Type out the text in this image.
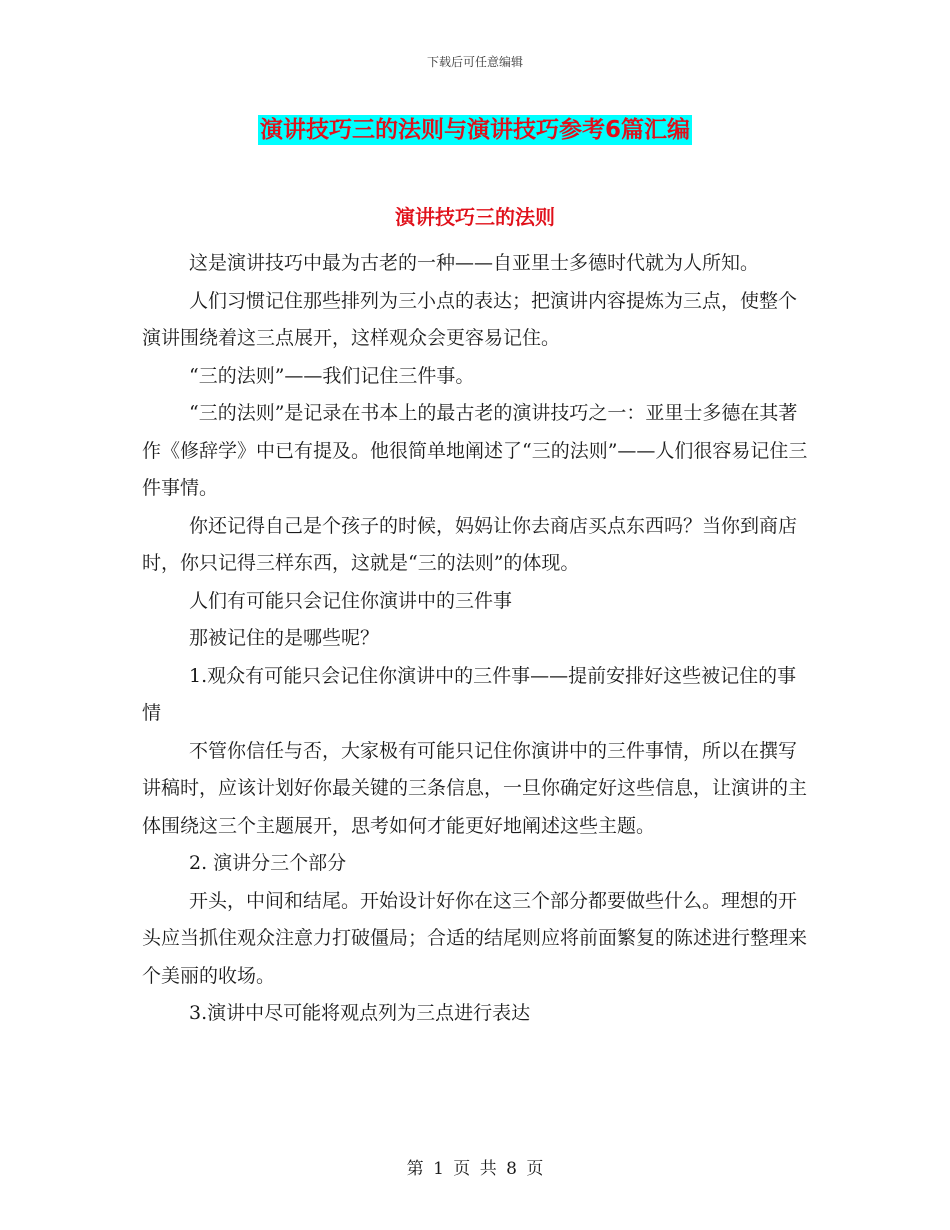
下载后可任意编辑
演讲技巧三的法则与演讲技巧参考6篇汇编
演讲技巧三的法则

这是演讲技巧中最为古老的一种——自亚里士多德时代就为人所知。

人们习惯记住那些排列为三小点的表达；把演讲内容提炼为三点，使整个演讲围绕着这三点展开，这样观众会更容易记住。

“三的法则”——我们记住三件事。

“三的法则”是记录在书本上的最古老的演讲技巧之一：亚里士多德在其著作《修辞学》中已有提及。他很简单地阐述了“三的法则”——人们很容易记住三件事情。

你还记得自己是个孩子的时候，妈妈让你去商店买点东西吗？当你到商店时，你只记得三样东西，这就是“三的法则”的体现。

人们有可能只会记住你演讲中的三件事

那被记住的是哪些呢？

1.观众有可能只会记住你演讲中的三件事——提前安排好这些被记住的事情

不管你信任与否，大家极有可能只记住你演讲中的三件事情，所以在撰写讲稿时，应该计划好你最关键的三条信息，一旦你确定好这些信息，让演讲的主体围绕这三个主题展开，思考如何才能更好地阐述这些主题。

2. 演讲分三个部分

开头，中间和结尾。开始设计好你在这三个部分都要做些什么。理想的开头应当抓住观众注意力打破僵局；合适的结尾则应将前面繁复的陈述进行整理来个美丽的收场。

3.演讲中尽可能将观点列为三点进行表达

第 1 页 共 8 页
